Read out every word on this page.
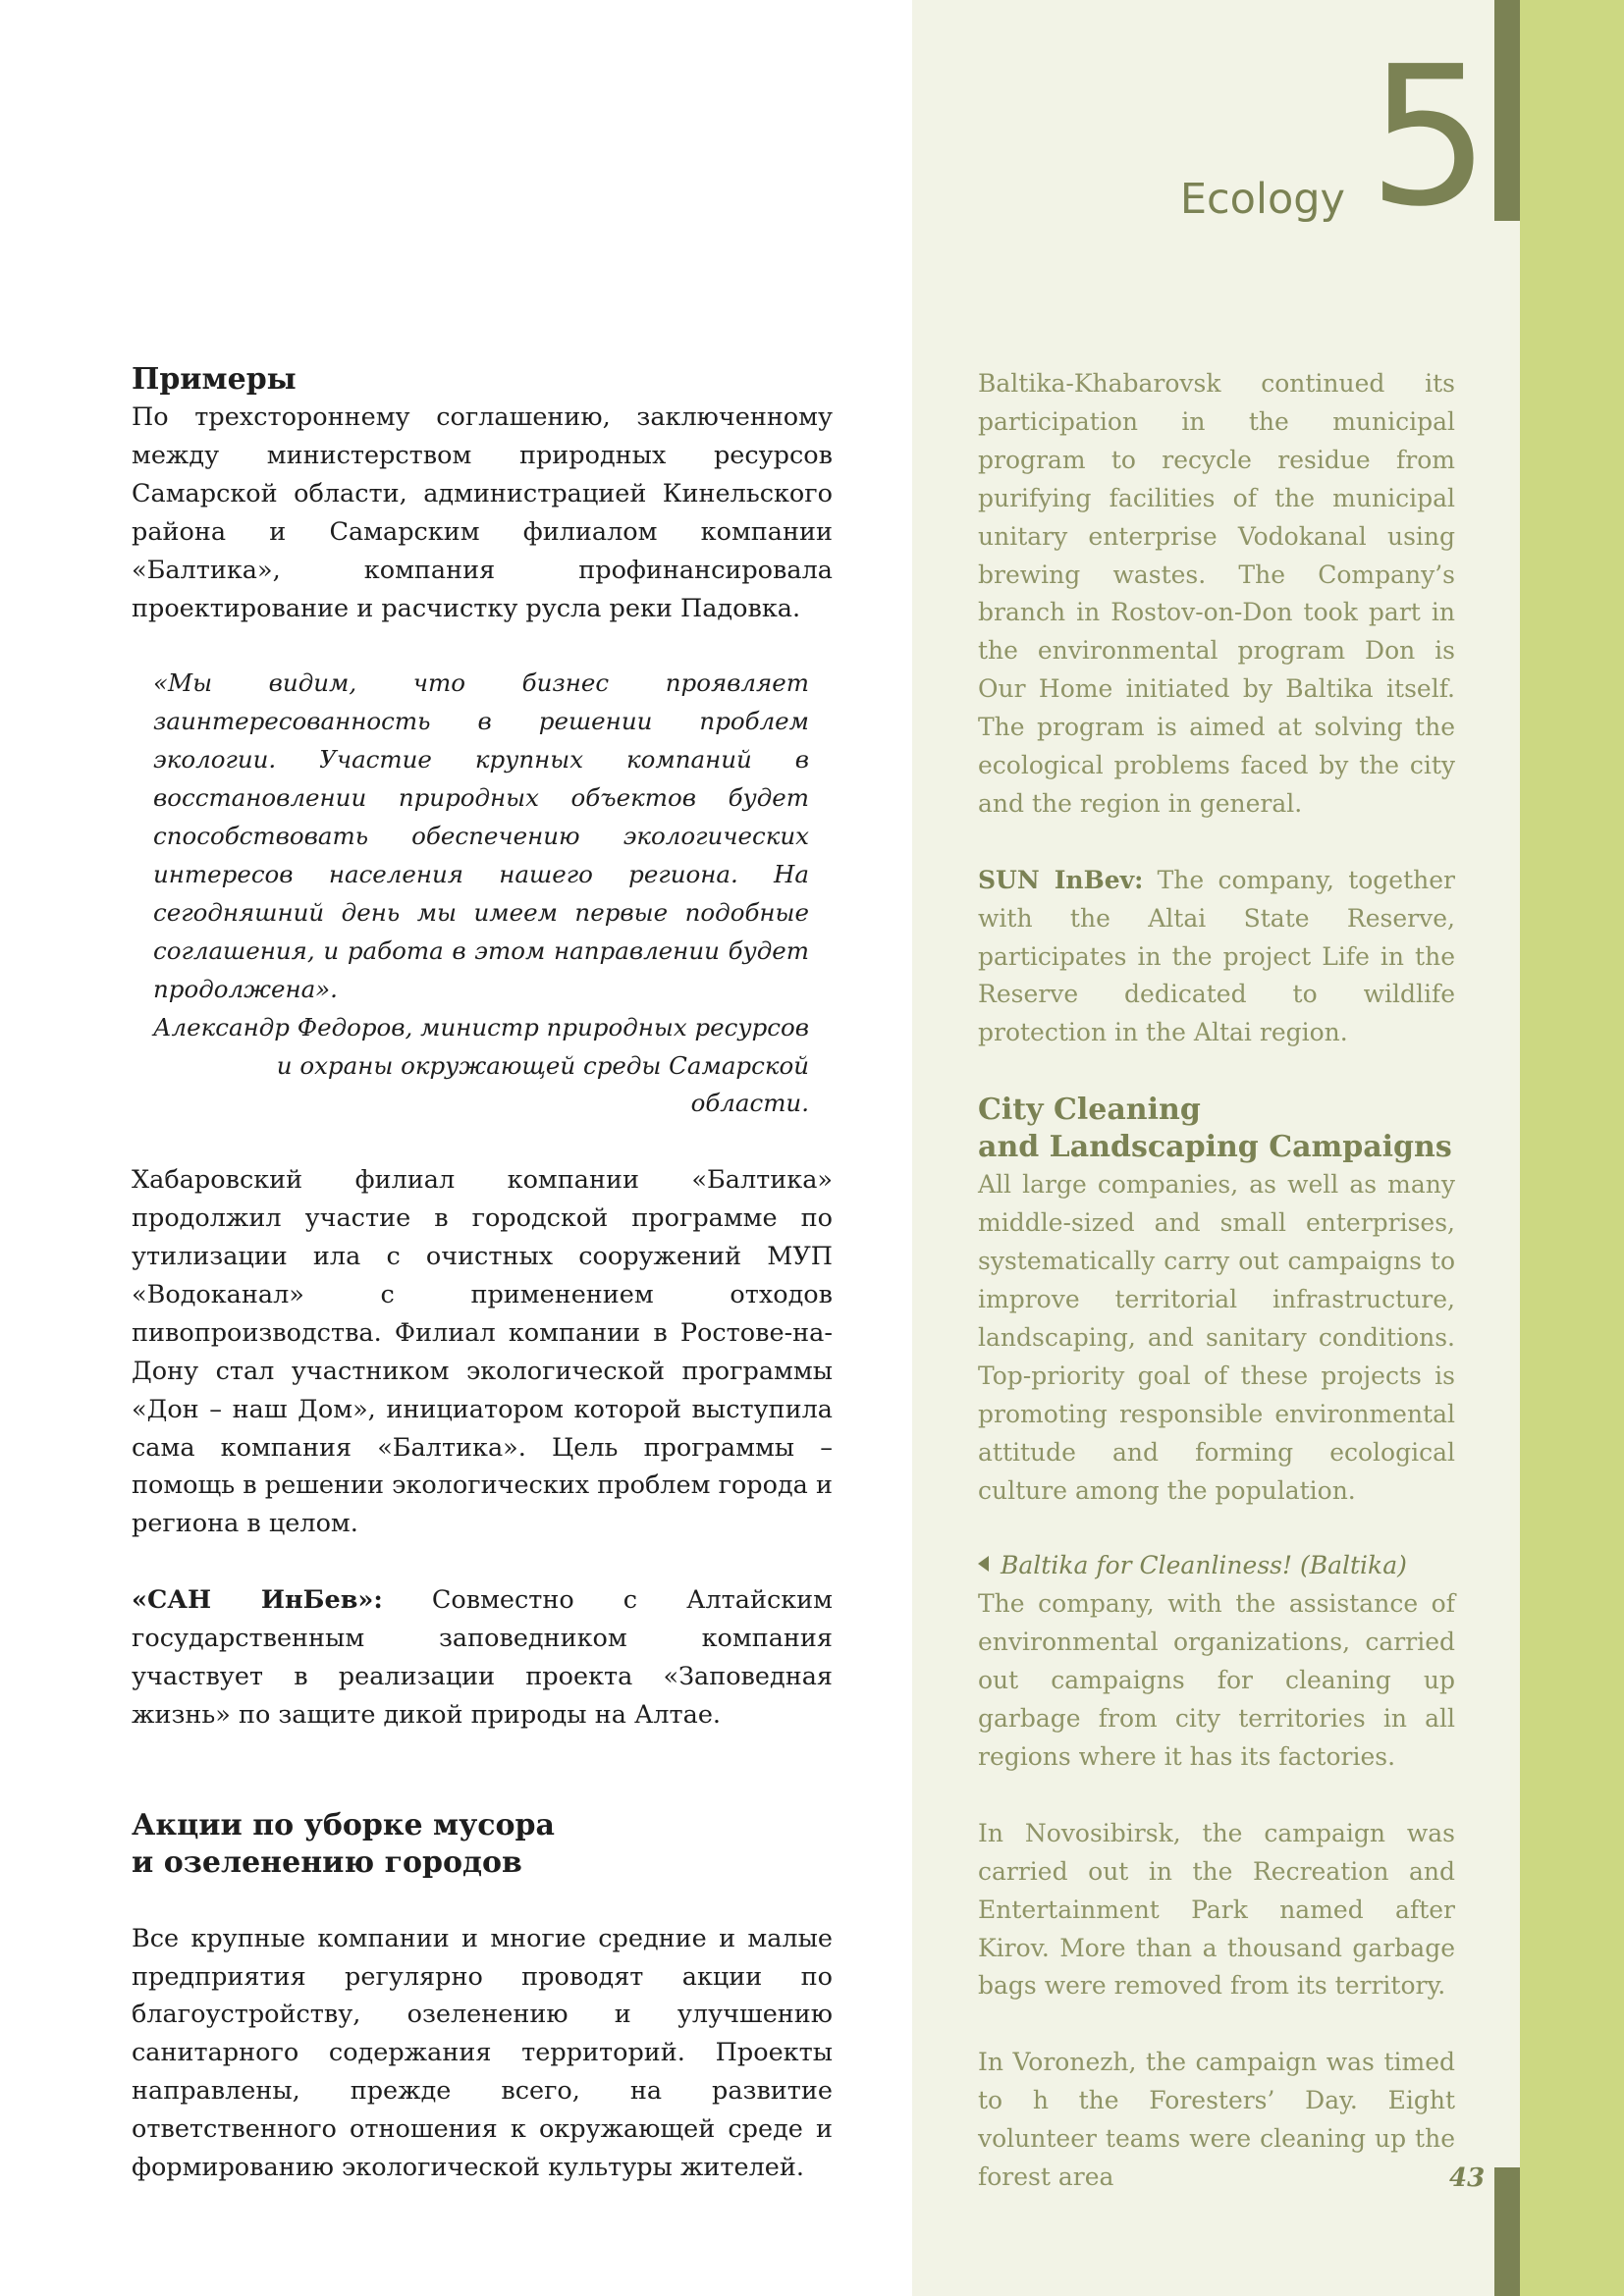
Ecology 5
Примеры

По трехстороннему соглашению, заключенному между министерством природных ресурсов Самарской области, администрацией Кинельского района и Самарским филиалом компании «Балтика», компания профинансировала проектирование и расчистку русла реки Падовка.

«Мы видим, что бизнес проявляет заинтересованность в решении проблем экологии. Участие крупных компаний в восстановлении природных объектов будет способствовать обеспечению экологических интересов населения нашего региона. На сегодняшний день мы имеем первые подобные соглашения, и работа в этом направлении будет продолжена».

Александр Федоров, министр природных ресурсов

и охраны окружающей среды Самарской области.

Хабаровский филиал компании «Балтика» продолжил участие в городской программе по утилизации ила с очистных сооружений МУП «Водоканал» с применением отходов пивопроизводства. Филиал компании в Ростове-на-Дону стал участником экологической программы «Дон – наш Дом», инициатором которой выступила сама компания «Балтика». Цель программы – помощь в решении экологических проблем города и региона в целом.

«САН ИнБев»: Совместно с Алтайским государственным заповедником компания участвует в реализации проекта «Заповедная жизнь» по защите дикой природы на Алтае.

Акции по уборке мусора
и озеленению городов

Все крупные компании и многие средние и малые предприятия регулярно проводят акции по благоустройству, озеленению и улучшению санитарного содержания территорий. Проекты направлены, прежде всего, на развитие ответственного отношения к окружающей среде и формированию экологической культуры жителей.

Baltika-Khabarovsk continued its participation in the municipal program to recycle residue from purifying facilities of the municipal unitary enterprise Vodokanal using brewing wastes. The Company’s branch in Rostov-on-Don took part in the environmental program Don is Our Home initiated by Baltika itself. The program is aimed at solving the ecological problems faced by the city and the region in general.

SUN InBev: The company, together with the Altai State Reserve, participates in the project Life in the Reserve dedicated to wildlife protection in the Altai region.

City Cleaning
and Landscaping Campaigns

All large companies, as well as many middle-sized and small enterprises, systematically carry out campaigns to improve territorial infrastructure, landscaping, and sanitary conditions. Top-priority goal of these projects is promoting responsible environmental attitude and forming ecological culture among the population.

Baltika for Cleanliness! (Baltika)

The company, with the assistance of environmental organizations, carried out campaigns for cleaning up garbage from city territories in all regions where it has its factories.

In Novosibirsk, the campaign was carried out in the Recreation and Entertainment Park named after Kirov. More than a thousand garbage bags were removed from its territory.

In Voronezh, the campaign was timed to h the Foresters’ Day. Eight volunteer teams were cleaning up the forest area	43
